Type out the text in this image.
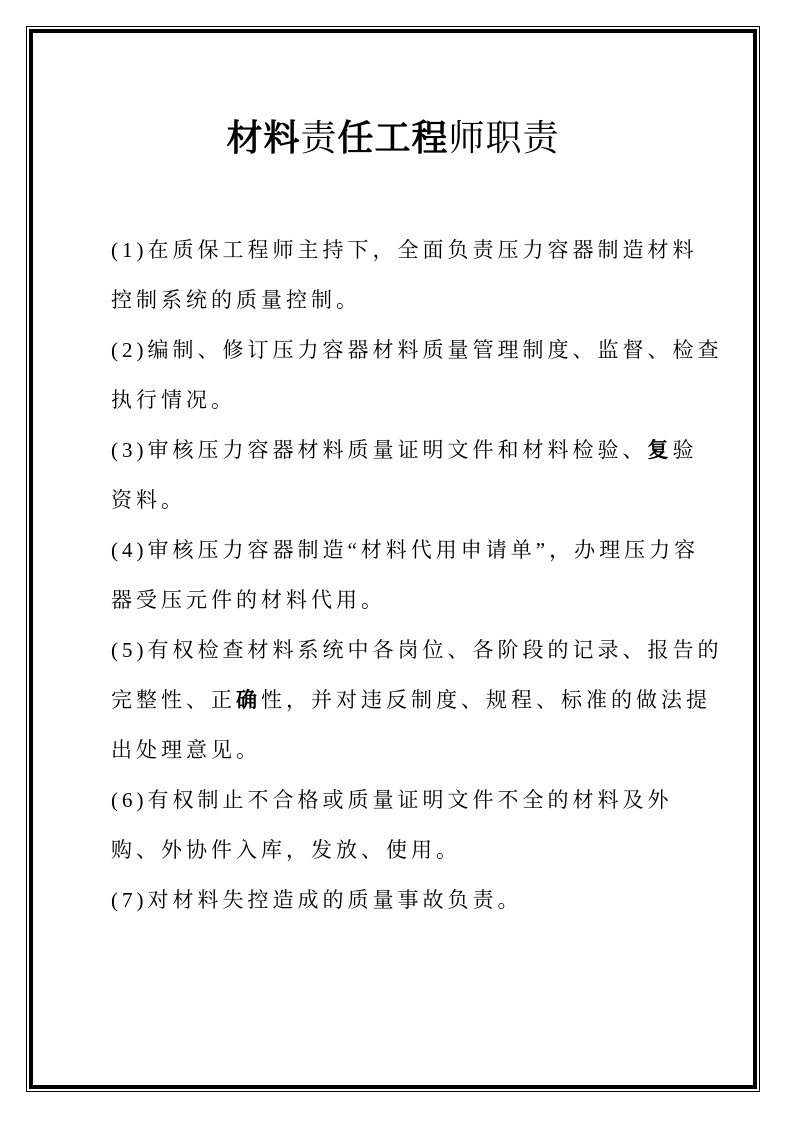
材料责任工程师职责
(1)在质保工程师主持下，全面负责压力容器制造材料
控制系统的质量控制。
(2)编制、修订压力容器材料质量管理制度、监督、检查
执行情况。
(3)审核压力容器材料质量证明文件和材料检验、复验
资料。
(4)审核压力容器制造“材料代用申请单”，办理压力容
器受压元件的材料代用。
(5)有权检查材料系统中各岗位、各阶段的记录、报告的
完整性、正确性，并对违反制度、规程、标准的做法提
出处理意见。
(6)有权制止不合格或质量证明文件不全的材料及外
购、外协件入库，发放、使用。
(7)对材料失控造成的质量事故负责。
